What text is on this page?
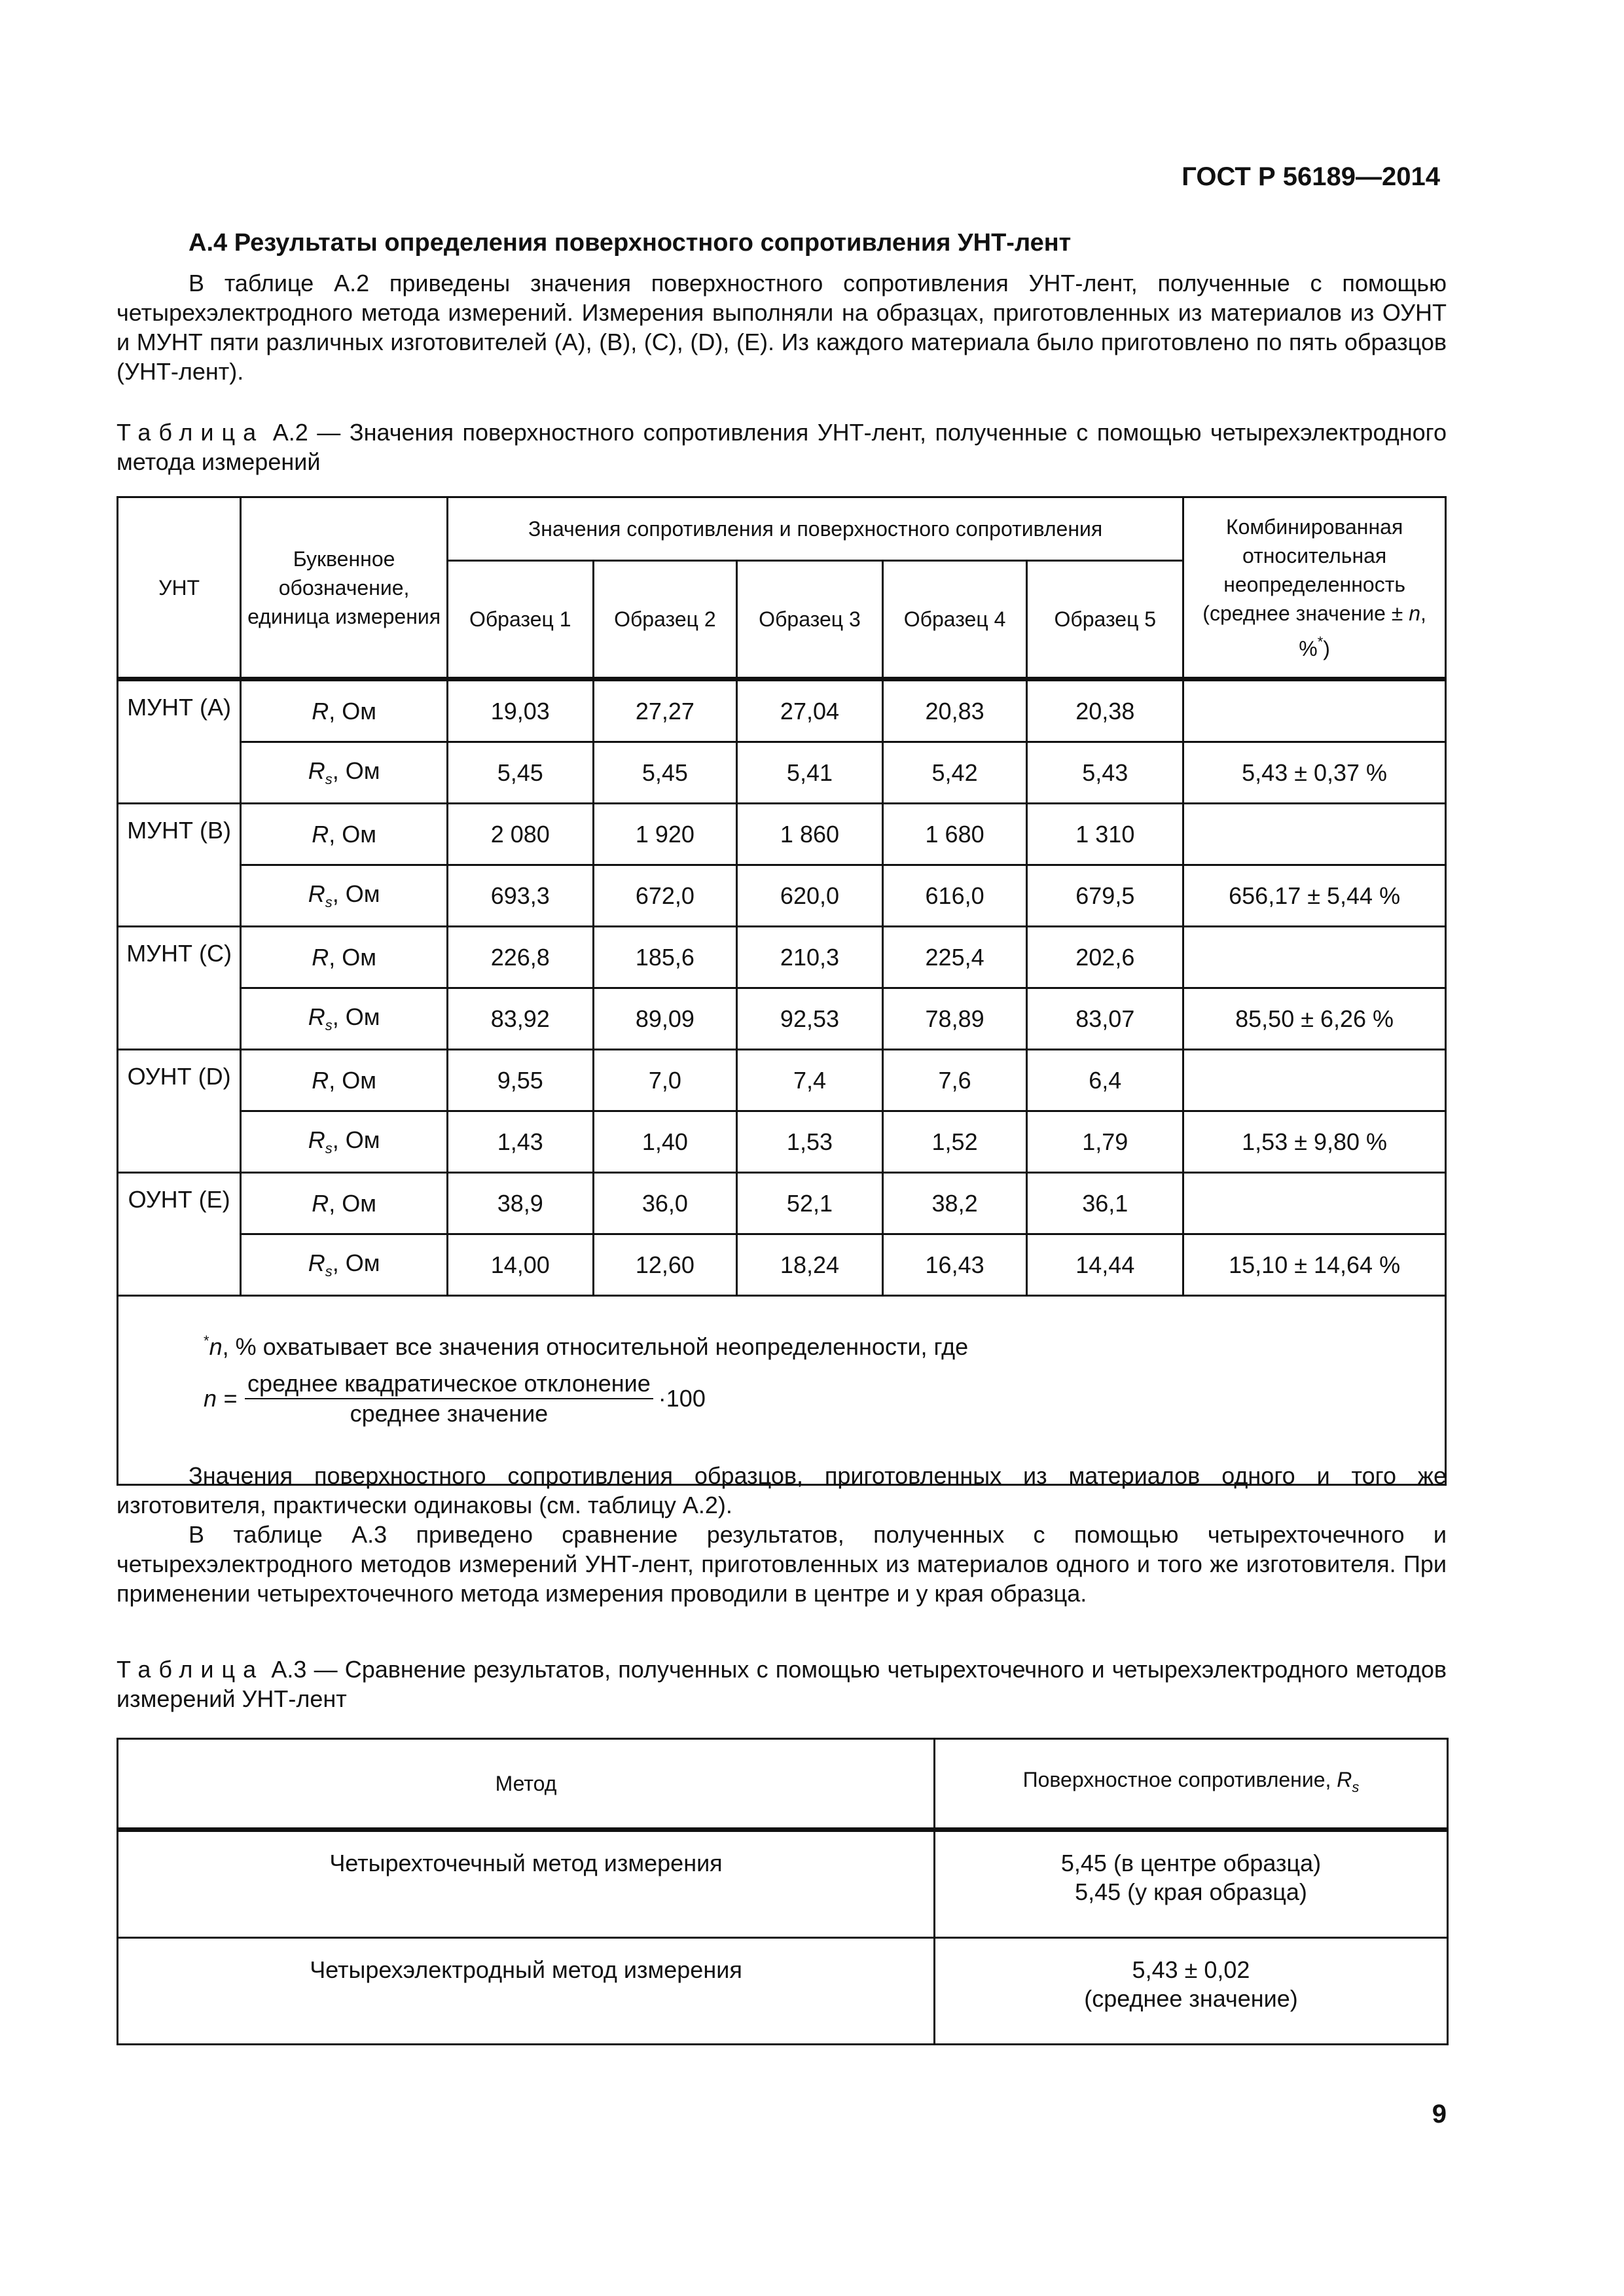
ГОСТ Р 56189—2014
А.4 Результаты определения поверхностного сопротивления УНТ-лент

В таблице А.2 приведены значения поверхностного сопротивления УНТ-лент, полученные с помощью четырехэлектродного метода измерений. Измерения выполняли на образцах, приготовленных из материалов из ОУНТ и МУНТ пяти различных изготовителей (А), (В), (С), (D), (Е). Из каждого материала было приготовлено по пять образцов (УНТ-лент).

Таблица А.2 — Значения поверхностного сопротивления УНТ-лент, полученные с помощью четырехэлектродного метода измерений

УНТ	Буквенное обозначение, единица измерения	Значения сопротивления и поверхностного сопротивления					Комбинированная относительная неопределенность (среднее значение ± n, %*)
		Образец 1	Образец 2	Образец 3	Образец 4	Образец 5	
МУНТ (А)	R, Ом	19,03	27,27	27,04	20,83	20,38	
	$R_s$, Ом	5,45	5,45	5,41	5,42	5,43	5,43 ± 0,37 %
МУНТ (В)	R, Ом	2 080	1 920	1 860	1 680	1 310	
	$R_s$, Ом	693,3	672,0	620,0	616,0	679,5	656,17 ± 5,44 %
МУНТ (С)	R, Ом	226,8	185,6	210,3	225,4	202,6	
	$R_s$, Ом	83,92	89,09	92,53	78,89	83,07	85,50 ± 6,26 %
ОУНТ (D)	R, Ом	9,55	7,0	7,4	7,6	6,4	
	$R_s$, Ом	1,43	1,40	1,53	1,52	1,79	1,53 ± 9,80 %
ОУНТ (Е)	R, Ом	38,9	36,0	52,1	38,2	36,1	
	$R_s$, Ом	14,00	12,60	18,24	16,43	14,44	15,10 ± 14,64 %

*n, % охватывает все значения относительной неопределенности, где
$n = \frac{\text{среднее квадратическое отклонение}}{\text{среднее значение}} \cdot 100$							

Значения поверхностного сопротивления образцов, приготовленных из материалов одного и того же изготовителя, практически одинаковы (см. таблицу А.2).

В таблице А.3 приведено сравнение результатов, полученных с помощью четырехточечного и четырехэлектродного методов измерений УНТ-лент, приготовленных из материалов одного и того же изготовителя. При применении четырехточечного метода измерения проводили в центре и у края образца.

Таблица А.3 — Сравнение результатов, полученных с помощью четырехточечного и четырехэлектродного методов измерений УНТ-лент

Метод	Поверхностное сопротивление, $R_s$
Четырехточечный метод измерения	5,45 (в центре образца)
5,45 (у края образца)

Четырехэлектродный метод измерения	5,43 ± 0,02
(среднее значение)
9
